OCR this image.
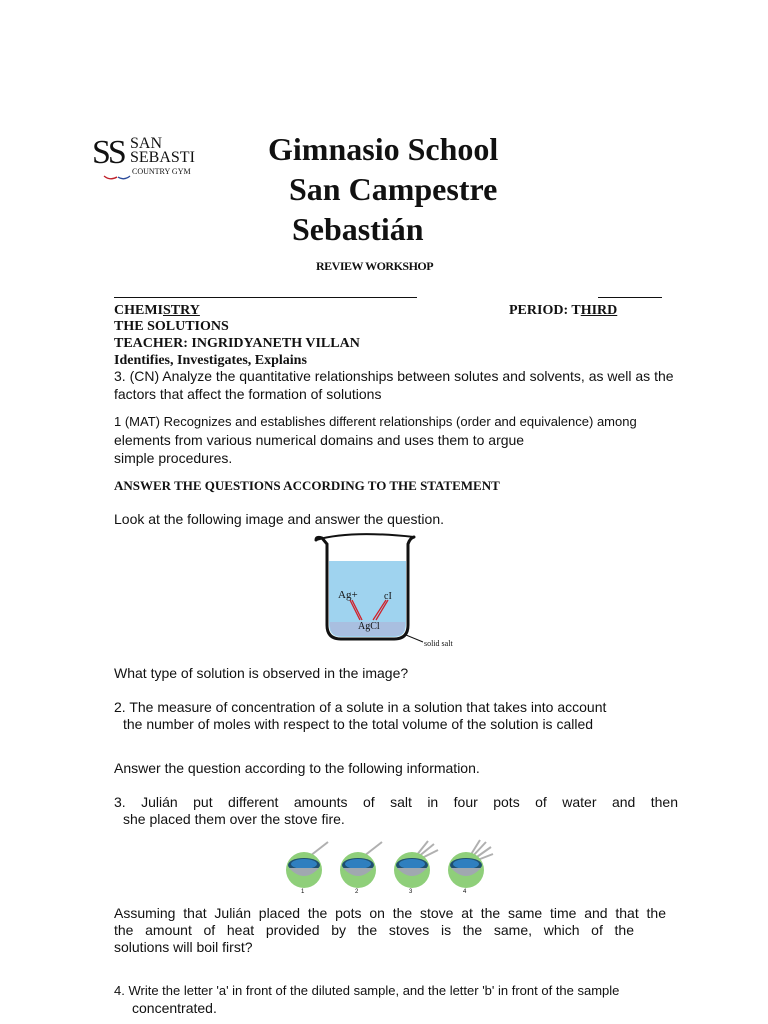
SS SAN
SEBASTI
COUNTRY GYM
Gimnasio School
San Campestre
Sebastián
REVIEW WORKSHOP
CHEMISTRY	PERIOD: THIRD
THE SOLUTIONS
TEACHER: INGRIDYANETH VILLAN
Identifies, Investigates, Explains
3. (CN) Analyze the quantitative relationships between solutes and solvents, as well as the
factors that affect the formation of solutions
1 (MAT) Recognizes and establishes different relationships (order and equivalence) among
elements from various numerical domains and uses them to argue
simple procedures.
ANSWER THE QUESTIONS ACCORDING TO THE STATEMENT
Look at the following image and answer the question.
Ag+	cI
AgCl
solid salt
What type of solution is observed in the image?
2. The measure of concentration of a solute in a solution that takes into account
the number of moles with respect to the total volume of the solution is called
Answer the question according to the following information.
3. Julián put different amounts of salt in four pots of water and then
she placed them over the stove fire.
1	2	3	4
Assuming that Julián placed the pots on the stove at the same time and that the
the amount of heat provided by the stoves is the same, which of the
solutions will boil first?
4. Write the letter 'a' in front of the diluted sample, and the letter 'b' in front of the sample
concentrated.
